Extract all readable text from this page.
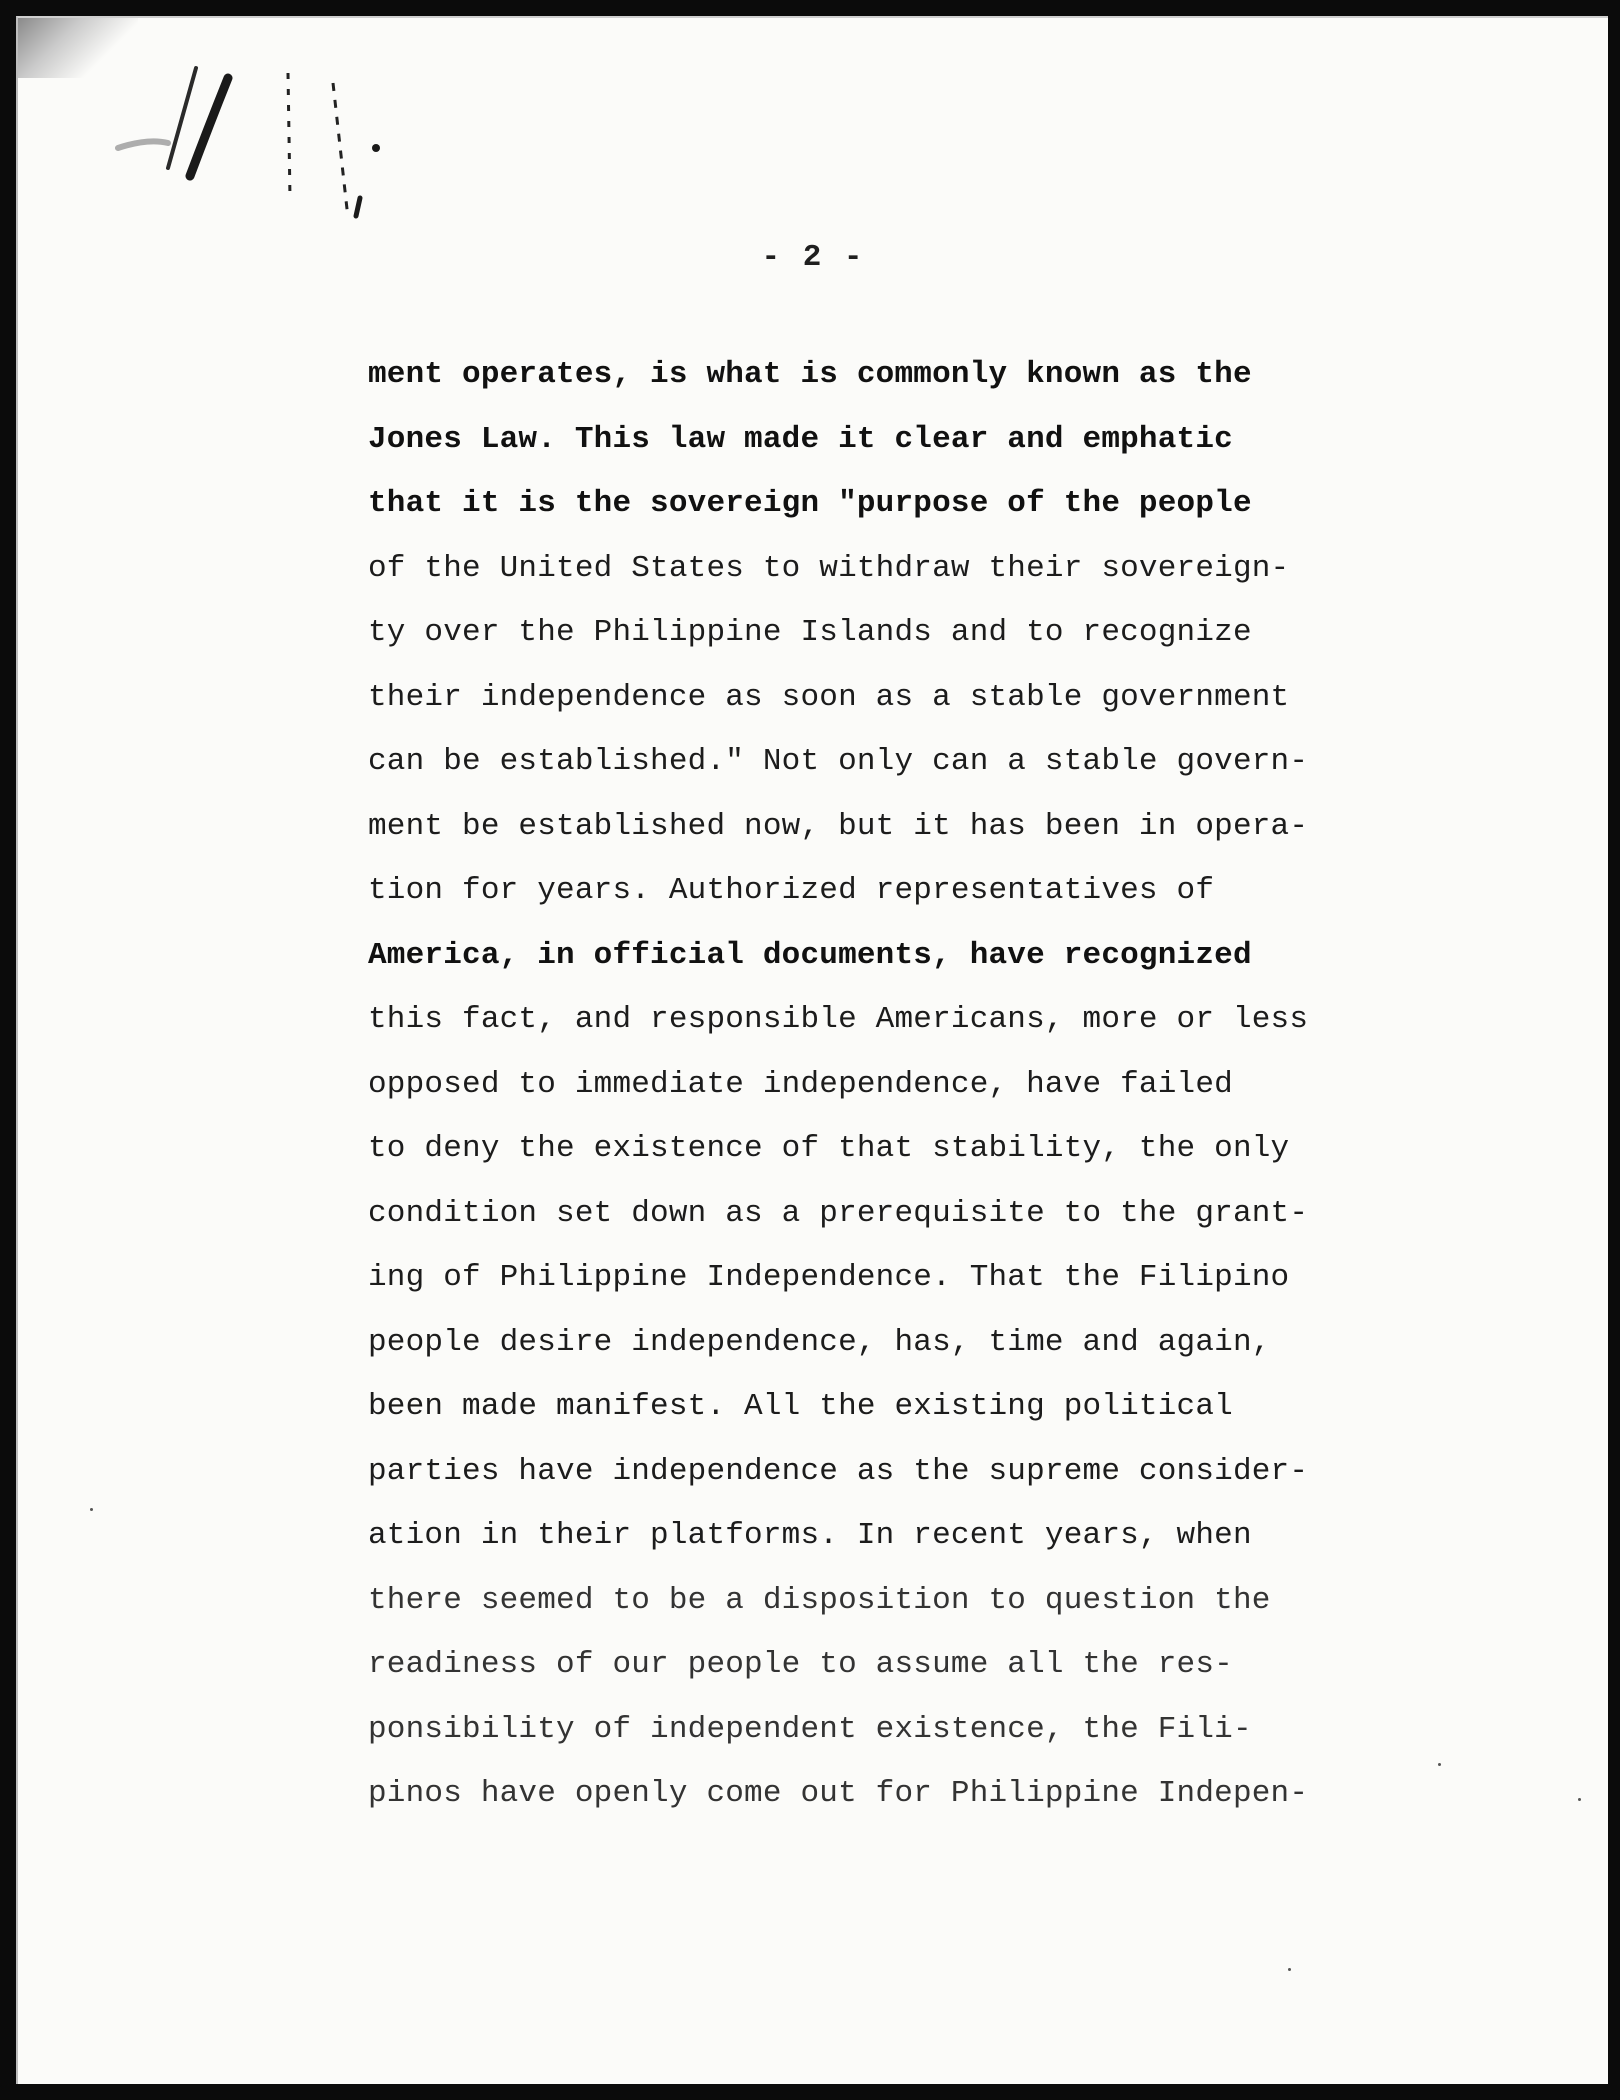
- 2 -
ment operates, is what is commonly known as the
Jones Law. This law made it clear and emphatic
that it is the sovereign "purpose of the people
of the United States to withdraw their sovereign-
ty over the Philippine Islands and to recognize
their independence as soon as a stable government
can be established." Not only can a stable govern-
ment be established now, but it has been in opera-
tion for years. Authorized representatives of
America, in official documents, have recognized
this fact, and responsible Americans, more or less
opposed to immediate independence, have failed
to deny the existence of that stability, the only
condition set down as a prerequisite to the grant-
ing of Philippine Independence. That the Filipino
people desire independence, has, time and again,
been made manifest. All the existing political
parties have independence as the supreme consider-
ation in their platforms. In recent years, when
there seemed to be a disposition to question the
readiness of our people to assume all the res-
ponsibility of independent existence, the Fili-
pinos have openly come out for Philippine Indepen-
